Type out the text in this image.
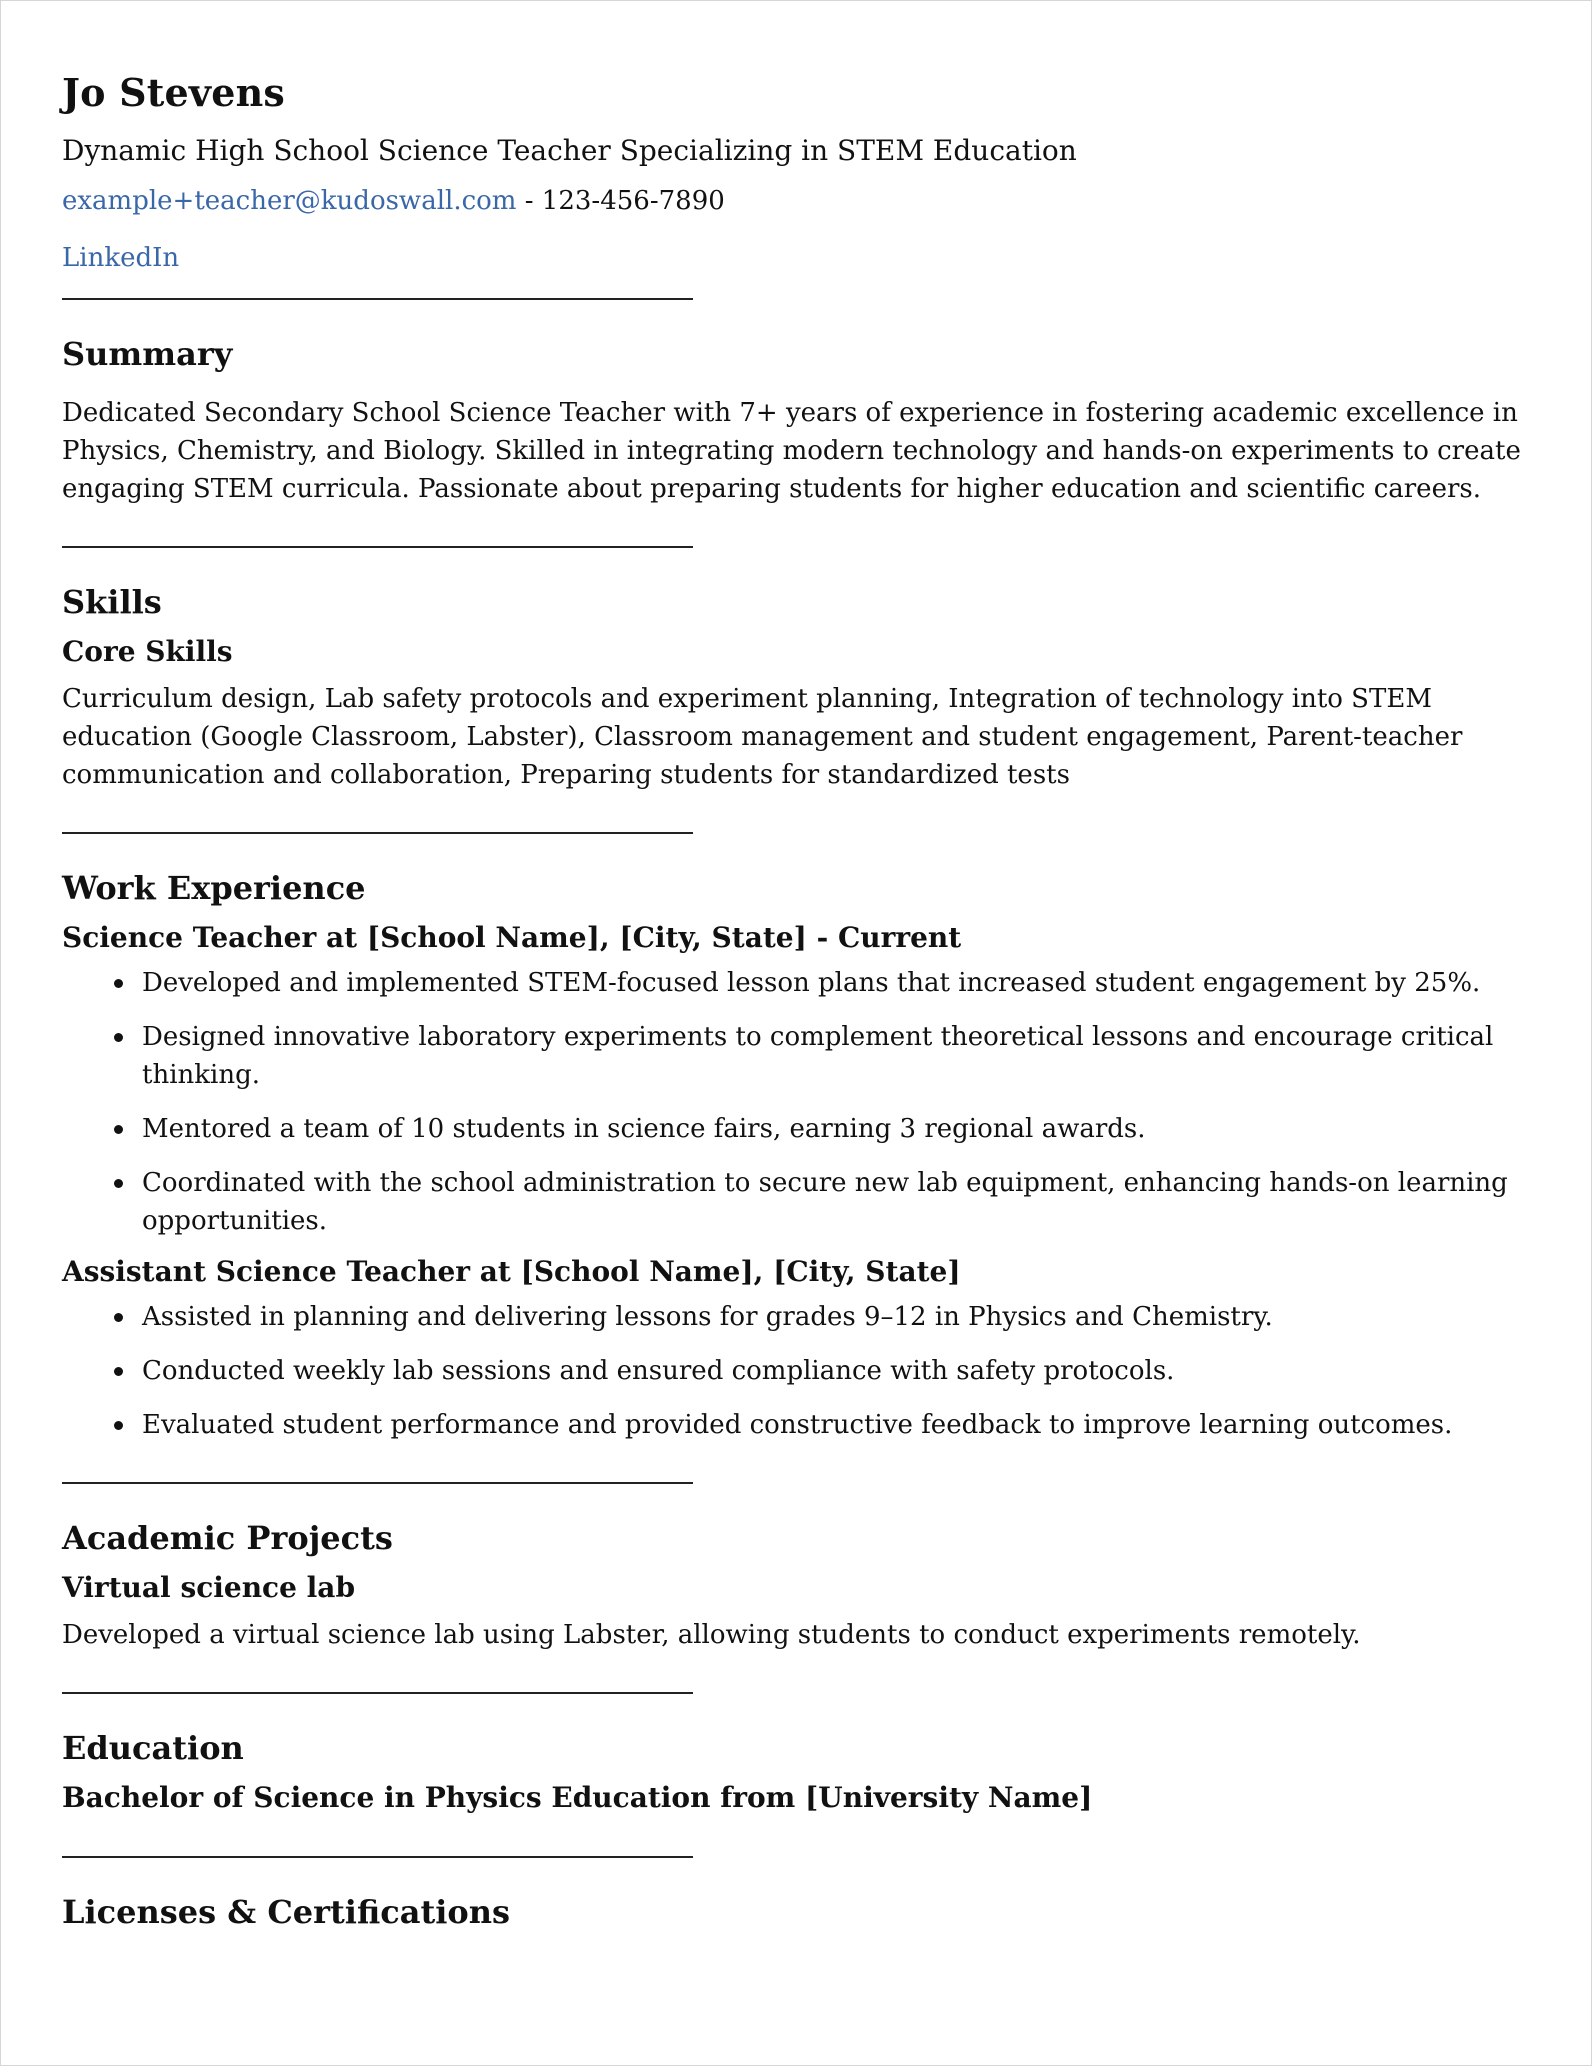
Jo Stevens
Dynamic High School Science Teacher Specializing in STEM Education
example+teacher@kudoswall.com - 123-456-7890
LinkedIn
Summary

Dedicated Secondary School Science Teacher with 7+ years of experience in fostering academic excellence in Physics, Chemistry, and Biology. Skilled in integrating modern technology and hands-on experiments to create engaging STEM curricula. Passionate about preparing students for higher education and scientific careers.

Skills
Core Skills

Curriculum design, Lab safety protocols and experiment planning, Integration of technology into STEM education (Google Classroom, Labster), Classroom management and student engagement, Parent-teacher communication and collaboration, Preparing students for standardized tests

Work Experience
Science Teacher at [School Name], [City, State] - Current
Developed and implemented STEM-focused lesson plans that increased student engagement by 25%.
Designed innovative laboratory experiments to complement theoretical lessons and encourage critical thinking.
Mentored a team of 10 students in science fairs, earning 3 regional awards.
Coordinated with the school administration to secure new lab equipment, enhancing hands-on learning opportunities.
Assistant Science Teacher at [School Name], [City, State]
Assisted in planning and delivering lessons for grades 9–12 in Physics and Chemistry.
Conducted weekly lab sessions and ensured compliance with safety protocols.
Evaluated student performance and provided constructive feedback to improve learning outcomes.
Academic Projects
Virtual science lab

Developed a virtual science lab using Labster, allowing students to conduct experiments remotely.

Education
Bachelor of Science in Physics Education from [University Name]
Licenses & Certifications
